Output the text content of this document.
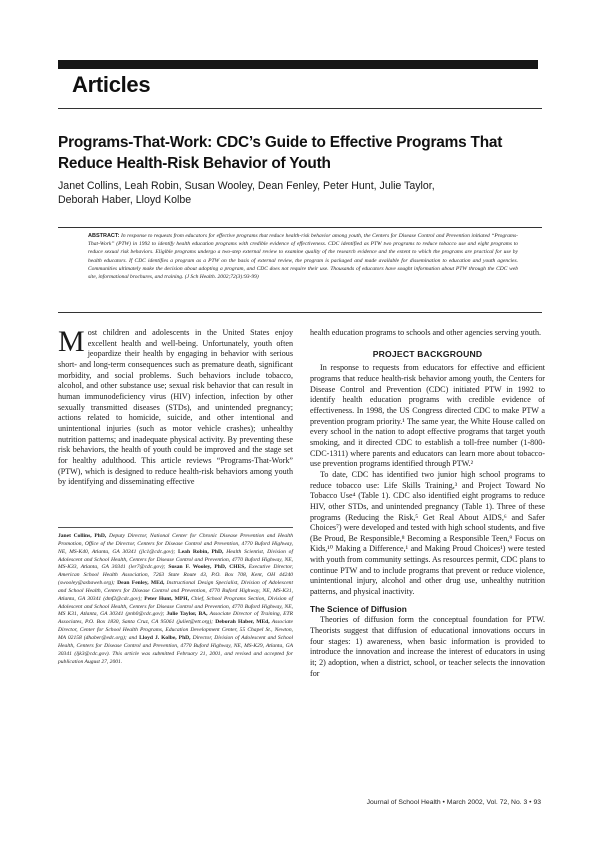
Articles
Programs-That-Work: CDC’s Guide to Effective Programs That Reduce Health-Risk Behavior of Youth
Janet Collins, Leah Robin, Susan Wooley, Dean Fenley, Peter Hunt, Julie Taylor, Deborah Haber, Lloyd Kolbe
ABSTRACT: In response to requests from educators for effective programs that reduce health-risk behavior among youth, the Centers for Disease Control and Prevention initiated “Programs-That-Work” (PTW) in 1992 to identify health education programs with credible evidence of effectiveness. CDC identified as PTW two programs to reduce tobacco use and eight programs to reduce sexual risk behaviors. Eligible programs undergo a two-step external review to examine quality of the research evidence and the extent to which the programs are practical for use by health educators. If CDC identifies a program as a PTW on the basis of external review, the program is packaged and made available for dissemination to education and youth agencies. Communities ultimately make the decision about adopting a program, and CDC does not require their use. Thousands of educators have sought information about PTW through the CDC web site, informational brochures, and training. (J Sch Health. 2002;72(3):93-99)

Most children and adolescents in the United States enjoy excellent health and well-being. Unfortunately, youth often jeopardize their health by engaging in behavior with serious short- and long-term consequences such as premature death, significant morbidity, and social problems. Such behaviors include tobacco, alcohol, and other substance use; sexual risk behavior that can result in human immunodeficiency virus (HIV) infection, infection by other sexually transmitted diseases (STDs), and unintended pregnancy; actions related to homicide, suicide, and other intentional and unintentional injuries (such as motor vehicle crashes); unhealthy nutrition patterns; and inadequate physical activity. By preventing these risk behaviors, the health of youth could be improved and the stage set for healthy adulthood. This article reviews “Programs-That-Work” (PTW), which is designed to reduce health-risk behaviors among youth by identifying and disseminating effective

Janet Collins, PhD, Deputy Director, National Center for Chronic Disease Prevention and Health Promotion, Office of the Director, Centers for Disease Control and Prevention, 4770 Buford Highway, NE, MS-K40, Atlanta, GA 30341 (jlc1@cdc.gov); Leah Robin, PhD, Health Scientist, Division of Adolescent and School Health, Centers for Disease Control and Prevention, 4770 Buford Highway, NE, MS-K33, Atlanta, GA 30341 (ler7@cdc.gov); Susan F. Wooley, PhD, CHES, Executive Director, American School Health Association, 7263 State Route 43, P.O. Box 708, Kent, OH 44240 (swooley@ashaweb.org); Dean Fenley, MEd, Instructional Design Specialist, Division of Adolescent and School Health, Centers for Disease Control and Prevention, 4770 Buford Highway, NE, MS-K31, Atlanta, GA 30341 (dmf2@cdc.gov); Peter Hunt, MPH, Chief, School Programs Section, Division of Adolescent and School Health, Centers for Disease Control and Prevention, 4770 Buford Highway, NE, MS K31, Atlanta, GA 30341 (pnh0@cdc.gov); Julie Taylor, BA, Associate Director of Training, ETR Associates, P.O. Box 1830, Santa Cruz, CA 95061 (juliet@etr.org); Deborah Haber, MEd, Associate Director, Center for School Health Programs, Education Development Center, 55 Chapel St., Newton, MA 02158 (dhaber@edc.org); and Lloyd J. Kolbe, PhD, Director, Division of Adolescent and School Health, Centers for Disease Control and Prevention, 4770 Buford Highway, NE, MS-K29, Atlanta, GA 30341 (ljk3@cdc.gov). This article was submitted February 21, 2001, and revised and accepted for publication August 27, 2001.

health education programs to schools and other agencies serving youth.

PROJECT BACKGROUND

In response to requests from educators for effective and efficient programs that reduce health-risk behavior among youth, the Centers for Disease Control and Prevention (CDC) initiated PTW in 1992 to identify health education programs with credible evidence of effectiveness. In 1998, the US Congress directed CDC to make PTW a prevention program priority.¹ The same year, the White House called on every school in the nation to adopt effective programs that target youth smoking, and it directed CDC to establish a toll-free number (1-800-CDC-1311) where parents and educators can learn more about tobacco-use prevention programs identified through PTW.²

To date, CDC has identified two junior high school programs to reduce tobacco use: Life Skills Training,³ and Project Toward No Tobacco Use⁴ (Table 1). CDC also identified eight programs to reduce HIV, other STDs, and unintended pregnancy (Table 1). Three of these programs (Reducing the Risk,⁵ Get Real About AIDS,⁶ and Safer Choices⁷) were developed and tested with high school students, and five (Be Proud, Be Responsible,⁸ Becoming a Responsible Teen,⁹ Focus on Kids,¹⁰ Making a Difference,¹ and Making Proud Choices¹) were tested with youth from community settings. As resources permit, CDC plans to continue PTW and to include programs that prevent or reduce violence, unintentional injury, alcohol and other drug use, unhealthy nutrition patterns, and physical inactivity.

The Science of Diffusion

Theories of diffusion form the conceptual foundation for PTW. Theorists suggest that diffusion of educational innovations occurs in four stages: 1) awareness, when basic information is provided to introduce the innovation and increase the interest of educators in using it; 2) adoption, when a district, school, or teacher selects the innovation for

Journal of School Health • March 2002, Vol. 72, No. 3 • 93
